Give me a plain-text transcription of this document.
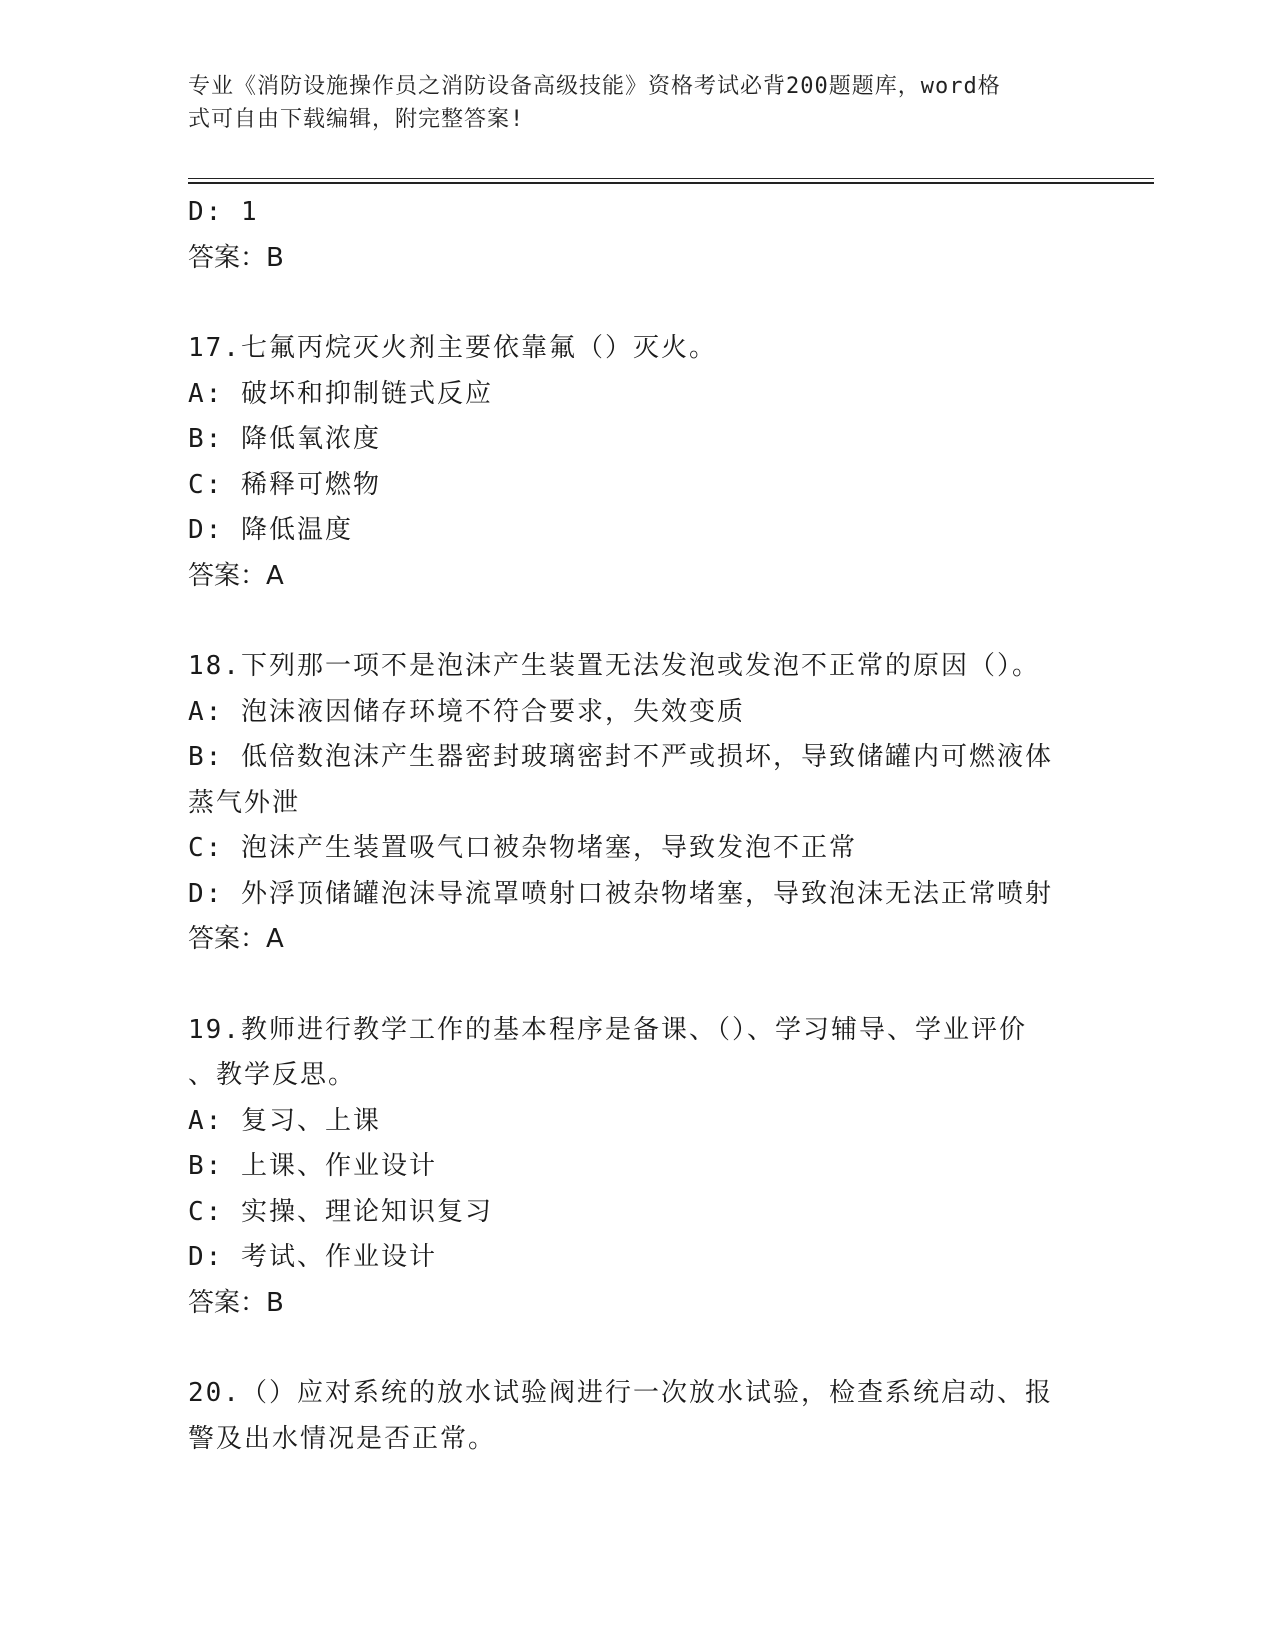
专业《消防设施操作员之消防设备高级技能》资格考试必背200题题库，word格
式可自由下载编辑，附完整答案!
D: 1
答案：B
17.七氟丙烷灭火剂主要依靠氟（）灭火。
A: 破坏和抑制链式反应
B: 降低氧浓度
C: 稀释可燃物
D: 降低温度
答案：A
18.下列那一项不是泡沫产生装置无法发泡或发泡不正常的原因（）。
A: 泡沫液因储存环境不符合要求，失效变质
B: 低倍数泡沫产生器密封玻璃密封不严或损坏，导致储罐内可燃液体
蒸气外泄
C: 泡沫产生装置吸气口被杂物堵塞，导致发泡不正常
D: 外浮顶储罐泡沫导流罩喷射口被杂物堵塞，导致泡沫无法正常喷射
答案：A
19.教师进行教学工作的基本程序是备课、（）、学习辅导、学业评价
、教学反思。
A: 复习、上课
B: 上课、作业设计
C: 实操、理论知识复习
D: 考试、作业设计
答案：B
20.（）应对系统的放水试验阀进行一次放水试验，检查系统启动、报
警及出水情况是否正常。
